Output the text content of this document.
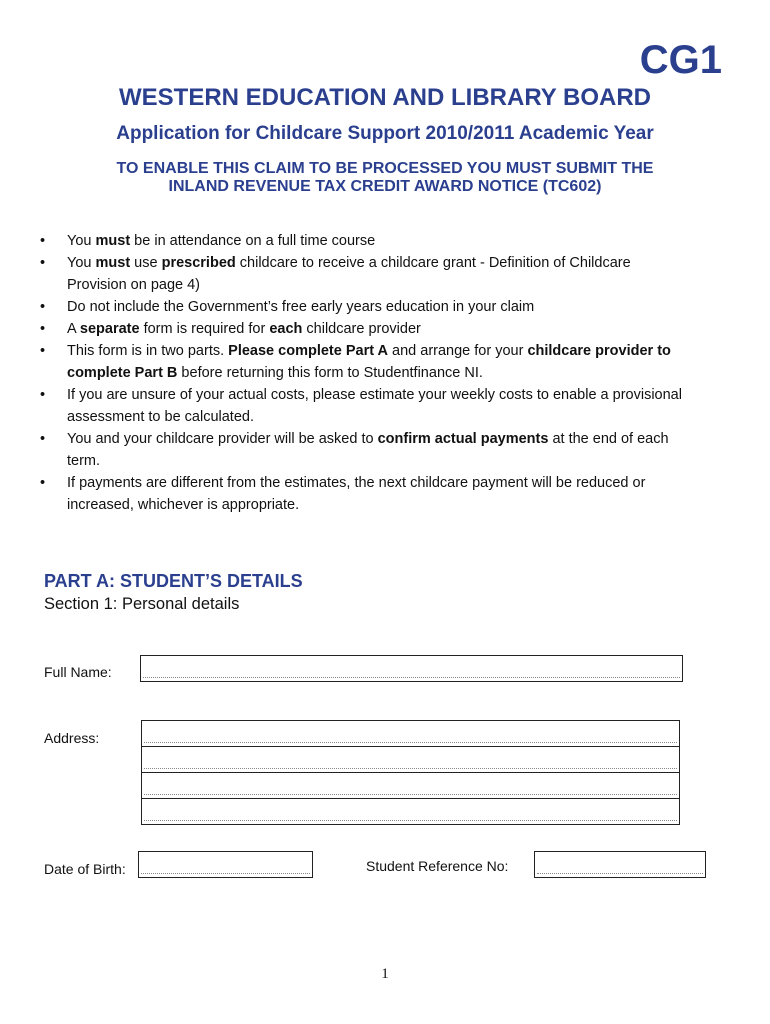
CG1
WESTERN EDUCATION AND LIBRARY BOARD
Application for Childcare Support 2010/2011 Academic Year
TO ENABLE THIS CLAIM TO BE PROCESSED YOU MUST SUBMIT THE
INLAND REVENUE TAX CREDIT AWARD NOTICE (TC602)
• You must be in attendance on a full time course
• You must use prescribed childcare to receive a childcare grant - Definition of Childcare
Provision on page 4)
• Do not include the Government’s free early years education in your claim
• A separate form is required for each childcare provider
• This form is in two parts. Please complete Part A and arrange for your childcare provider to
complete Part B before returning this form to Studentfinance NI.
• If you are unsure of your actual costs, please estimate your weekly costs to enable a provisional
assessment to be calculated.
• You and your childcare provider will be asked to confirm actual payments at the end of each
term.
• If payments are different from the estimates, the next childcare payment will be reduced or
increased, whichever is appropriate.
PART A: STUDENT’S DETAILS
Section 1: Personal details
Full Name:
Address:
Date of Birth:	Student Reference No:
1
